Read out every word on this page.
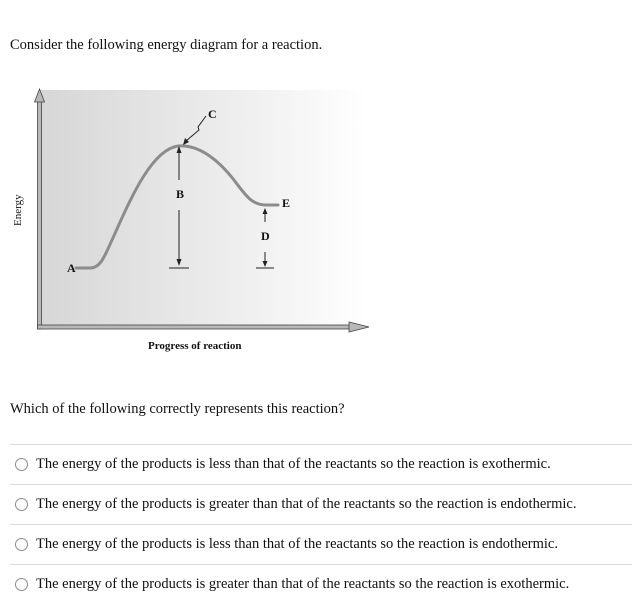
Consider the following energy diagram for a reaction.

A
B
C
D
E
Energy
Progress of reaction

Which of the following correctly represents this reaction?

The energy of the products is less than that of the reactants so the reaction is exothermic.
The energy of the products is greater than that of the reactants so the reaction is endothermic.
The energy of the products is less than that of the reactants so the reaction is endothermic.
The energy of the products is greater than that of the reactants so the reaction is exothermic.
